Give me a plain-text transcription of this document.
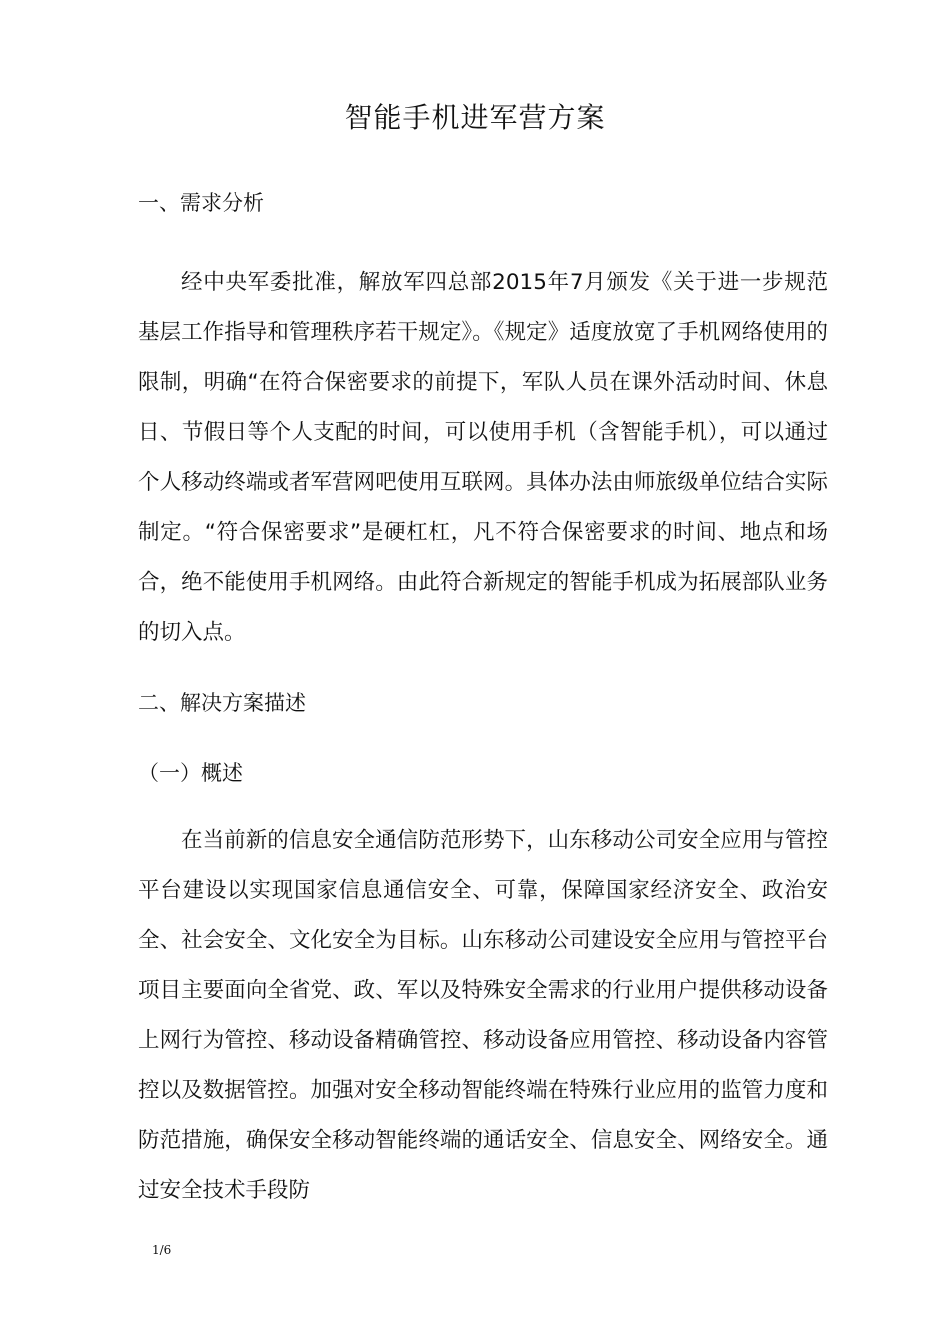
智能手机进军营方案
一、需求分析

经中央军委批准，解放军四总部2015年7月颁发《关于进一步规范基层工作指导和管理秩序若干规定》。《规定》适度放宽了手机网络使用的限制，明确“在符合保密要求的前提下，军队人员在课外活动时间、休息日、节假日等个人支配的时间，可以使用手机（含智能手机），可以通过个人移动终端或者军营网吧使用互联网。具体办法由师旅级单位结合实际制定。“符合保密要求”是硬杠杠，凡不符合保密要求的时间、地点和场合，绝不能使用手机网络。由此符合新规定的智能手机成为拓展部队业务的切入点。

二、解决方案描述
（一）概述

在当前新的信息安全通信防范形势下，山东移动公司安全应用与管控平台建设以实现国家信息通信安全、可靠，保障国家经济安全、政治安全、社会安全、文化安全为目标。山东移动公司建设安全应用与管控平台项目主要面向全省党、政、军以及特殊安全需求的行业用户提供移动设备上网行为管控、移动设备精确管控、移动设备应用管控、移动设备内容管控以及数据管控。加强对安全移动智能终端在特殊行业应用的监管力度和防范措施，确保安全移动智能终端的通话安全、信息安全、网络安全。通过安全技术手段防

1/6
